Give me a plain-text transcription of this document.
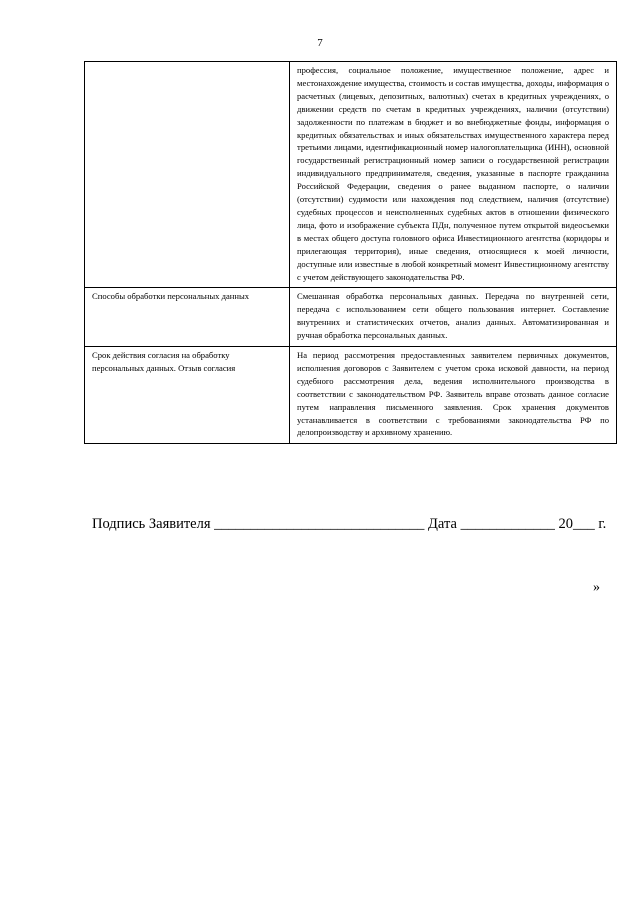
7
	профессия, социальное положение, имущественное положение, адрес и местонахождение имущества, стоимость и состав имущества, доходы, информация о расчетных (лицевых, депозитных, валютных) счетах в кредитных учреждениях, о движении средств по счетам в кредитных учреждениях, наличии (отсутствии) задолженности по платежам в бюджет и во внебюджетные фонды, информация о кредитных обязательствах и иных обязательствах имущественного характера перед третьими лицами, идентификационный номер налогоплательщика (ИНН), основной государственный регистрационный номер записи о государственной регистрации индивидуального предпринимателя, сведения, указанные в паспорте гражданина Российской Федерации, сведения о ранее выданном паспорте, о наличии (отсутствии) судимости или нахождения под следствием, наличия (отсутствие) судебных процессов и неисполненных судебных актов в отношении физического лица, фото и изображение субъекта ПДн, полученное путем открытой видеосъемки в местах общего доступа головного офиса Инвестиционного агентства (коридоры и прилегающая территория), иные сведения, относящиеся к моей личности, доступные или известные в любой конкретный момент Инвестиционному агентству с учетом действующего законодательства РФ.
Способы обработки персональных данных	Смешанная обработка персональных данных. Передача по внутренней сети, передача с использованием сети общего пользования интернет. Составление внутренних и статистических отчетов, анализ данных. Автоматизированная и ручная обработка персональных данных.
Срок действия согласия на обработку персональных данных. Отзыв согласия	На период рассмотрения предоставленных заявителем первичных документов, исполнения договоров с Заявителем с учетом срока исковой давности, на период судебного рассмотрения дела, ведения исполнительного производства в соответствии с законодательством РФ. Заявитель вправе отозвать данное согласие путем направления письменного заявления. Срок хранения документов устанавливается в соответствии с требованиями законодательства РФ по делопроизводству и архивному хранению.
Подпись Заявителя _____________________________ Дата _____________ 20___ г.
»
